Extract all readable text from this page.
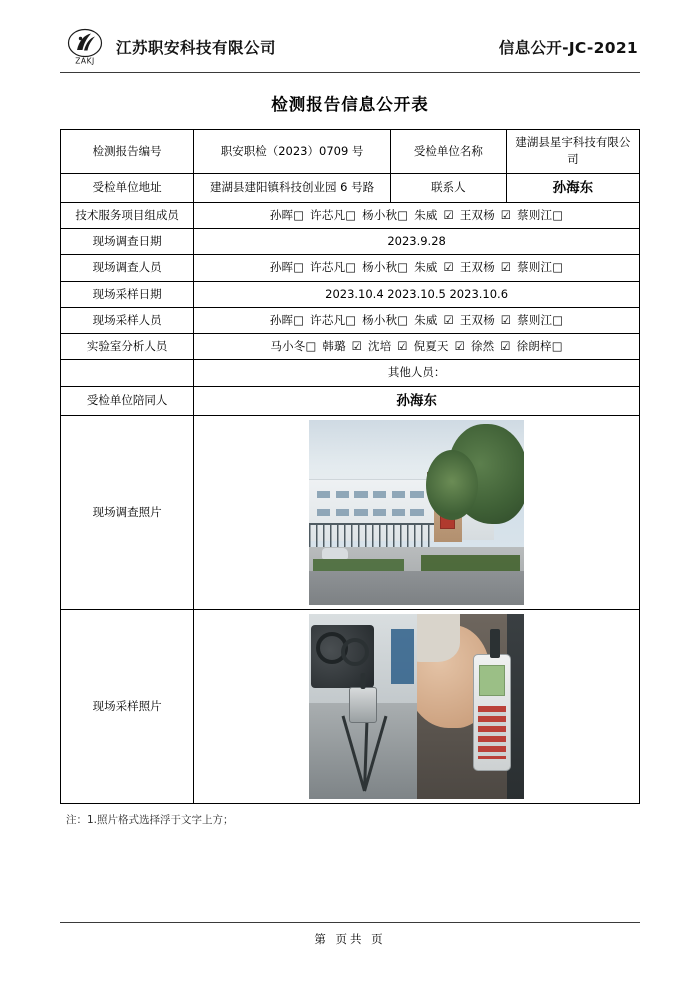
ZAKJ
江苏职安科技有限公司	信息公开-JC-2021
检测报告信息公开表
检测报告编号	职安职检（2023）0709 号	受检单位名称	建湖县星宇科技有限公司
受检单位地址	建湖县建阳镇科技创业园 6 号路	联系人	孙海东
技术服务项目组成员	孙晖□ 许芯凡□ 杨小秋□ 朱威 ☑ 王双杨 ☑ 蔡则江□		
现场调查日期	2023.9.28		
现场调查人员	孙晖□ 许芯凡□ 杨小秋□ 朱威 ☑ 王双杨 ☑ 蔡则江□		
现场采样日期	2023.10.4 2023.10.5 2023.10.6		
现场采样人员	孙晖□ 许芯凡□ 杨小秋□ 朱威 ☑ 王双杨 ☑ 蔡则江□		
实验室分析人员	马小冬□ 韩璐 ☑ 沈培 ☑ 倪夏天 ☑ 徐然 ☑ 徐朗梓□		
	其他人员：		
受检单位陪同人	孙海东		
现场调查照片			

现场采样照片			
注：1.照片格式选择浮于文字上方；
第 页共 页
